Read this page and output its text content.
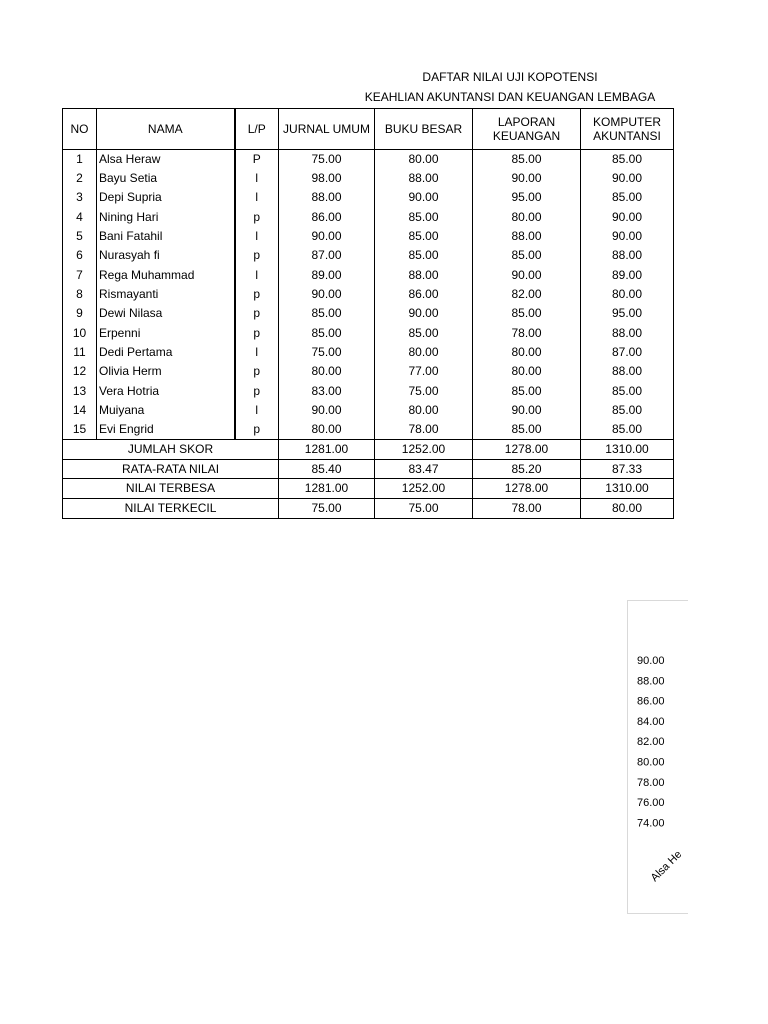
DAFTAR NILAI UJI KOPOTENSI
KEAHLIAN AKUNTANSI DAN KEUANGAN LEMBAGA
NO	NAMA	L/P	JURNAL UMUM	BUKU BESAR	LAPORAN KEUANGAN	KOMPUTER AKUNTANSI
1	Alsa Heraw	P	75.00	80.00	85.00	85.00
2	Bayu Setia	l	98.00	88.00	90.00	90.00
3	Depi Supria	l	88.00	90.00	95.00	85.00
4	Nining Hari	p	86.00	85.00	80.00	90.00
5	Bani Fatahil	l	90.00	85.00	88.00	90.00
6	Nurasyah fi	p	87.00	85.00	85.00	88.00
7	Rega Muhammad	l	89.00	88.00	90.00	89.00
8	Rismayanti	p	90.00	86.00	82.00	80.00
9	Dewi Nilasa	p	85.00	90.00	85.00	95.00
10	Erpenni	p	85.00	85.00	78.00	88.00
11	Dedi Pertama	l	75.00	80.00	80.00	87.00
12	Olivia Herm	p	80.00	77.00	80.00	88.00
13	Vera Hotria	p	83.00	75.00	85.00	85.00
14	Muiyana	l	90.00	80.00	90.00	85.00
15	Evi Engrid	p	80.00	78.00	85.00	85.00
JUMLAH SKOR			1281.00	1252.00	1278.00	1310.00
RATA-RATA NILAI			85.40	83.47	85.20	87.33
NILAI TERBESA			1281.00	1252.00	1278.00	1310.00
NILAI TERKECIL			75.00	75.00	78.00	80.00
90.00
88.00
86.00
84.00
82.00
80.00
78.00
76.00
74.00
Alsa He
